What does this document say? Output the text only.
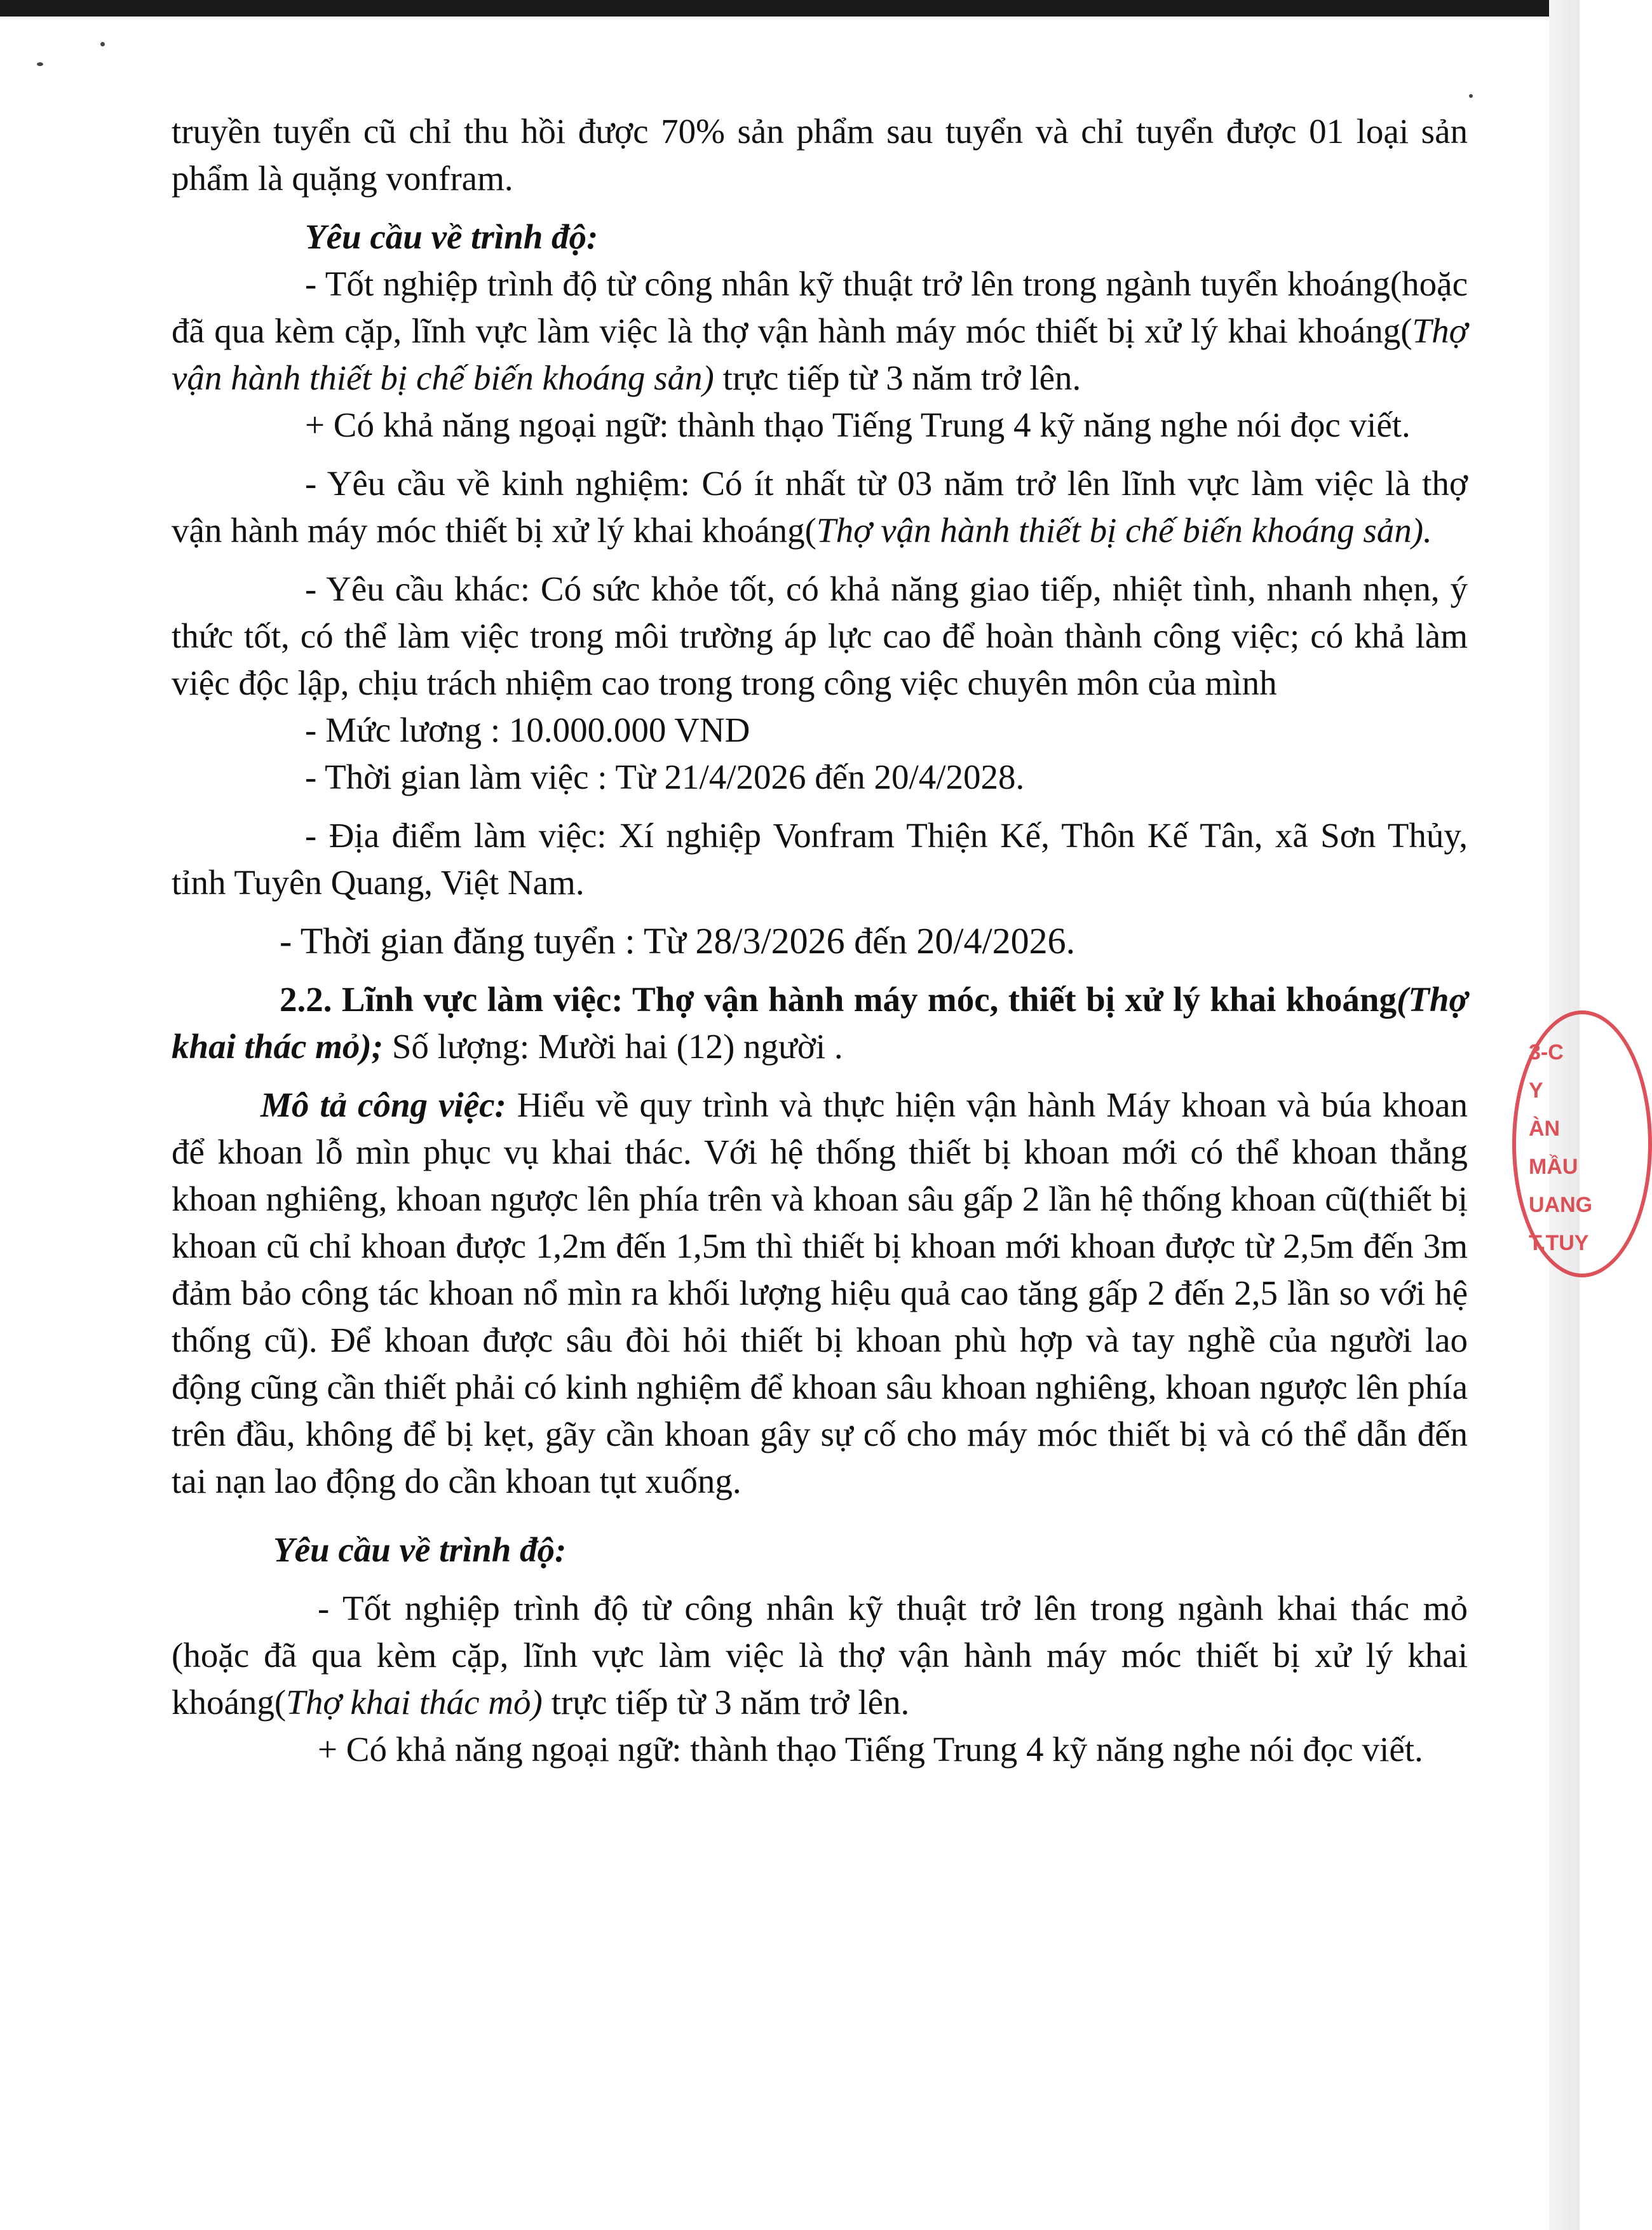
truyền tuyển cũ chỉ thu hồi được 70% sản phẩm sau tuyển và chỉ tuyển được 01 loại sản phẩm là quặng vonfram.

Yêu cầu về trình độ:

- Tốt nghiệp trình độ từ công nhân kỹ thuật trở lên trong ngành tuyển khoáng(hoặc đã qua kèm cặp, lĩnh vực làm việc là thợ vận hành máy móc thiết bị xử lý khai khoáng(Thợ vận hành thiết bị chế biến khoáng sản) trực tiếp từ 3 năm trở lên.

+ Có khả năng ngoại ngữ: thành thạo Tiếng Trung 4 kỹ năng nghe nói đọc viết.

- Yêu cầu về kinh nghiệm: Có ít nhất từ 03 năm trở lên lĩnh vực làm việc là thợ vận hành máy móc thiết bị xử lý khai khoáng(Thợ vận hành thiết bị chế biến khoáng sản).

- Yêu cầu khác: Có sức khỏe tốt, có khả năng giao tiếp, nhiệt tình, nhanh nhẹn, ý thức tốt, có thể làm việc trong môi trường áp lực cao để hoàn thành công việc; có khả làm việc độc lập, chịu trách nhiệm cao trong trong công việc chuyên môn của mình

- Mức lương : 10.000.000 VND

- Thời gian làm việc : Từ 21/4/2026 đến 20/4/2028.

- Địa điểm làm việc: Xí nghiệp Vonfram Thiện Kế, Thôn Kế Tân, xã Sơn Thủy, tỉnh Tuyên Quang, Việt Nam.

- Thời gian đăng tuyển : Từ 28/3/2026 đến 20/4/2026.

2.2. Lĩnh vực làm việc: Thợ vận hành máy móc, thiết bị xử lý khai khoáng(Thợ khai thác mỏ); Số lượng: Mười hai (12) người .

Mô tả công việc: Hiểu về quy trình và thực hiện vận hành Máy khoan và búa khoan để khoan lỗ mìn phục vụ khai thác. Với hệ thống thiết bị khoan mới có thể khoan thẳng khoan nghiêng, khoan ngược lên phía trên và khoan sâu gấp 2 lần hệ thống khoan cũ(thiết bị khoan cũ chỉ khoan được 1,2m đến 1,5m thì thiết bị khoan mới khoan được từ 2,5m đến 3m đảm bảo công tác khoan nổ mìn ra khối lượng hiệu quả cao tăng gấp 2 đến 2,5 lần so với hệ thống cũ). Để khoan được sâu đòi hỏi thiết bị khoan phù hợp và tay nghề của người lao động cũng cần thiết phải có kinh nghiệm để khoan sâu khoan nghiêng, khoan ngược lên phía trên đầu, không để bị kẹt, gãy cần khoan gây sự cố cho máy móc thiết bị và có thể dẫn đến tai nạn lao động do cần khoan tụt xuống.

Yêu cầu về trình độ:

- Tốt nghiệp trình độ từ công nhân kỹ thuật trở lên trong ngành khai thác mỏ (hoặc đã qua kèm cặp, lĩnh vực làm việc là thợ vận hành máy móc thiết bị xử lý khai khoáng(Thợ khai thác mỏ) trực tiếp từ 3 năm trở lên.

+ Có khả năng ngoại ngữ: thành thạo Tiếng Trung 4 kỹ năng nghe nói đọc viết.

3-C
Y
ÀN
MẦU
UANG
T.TUY
